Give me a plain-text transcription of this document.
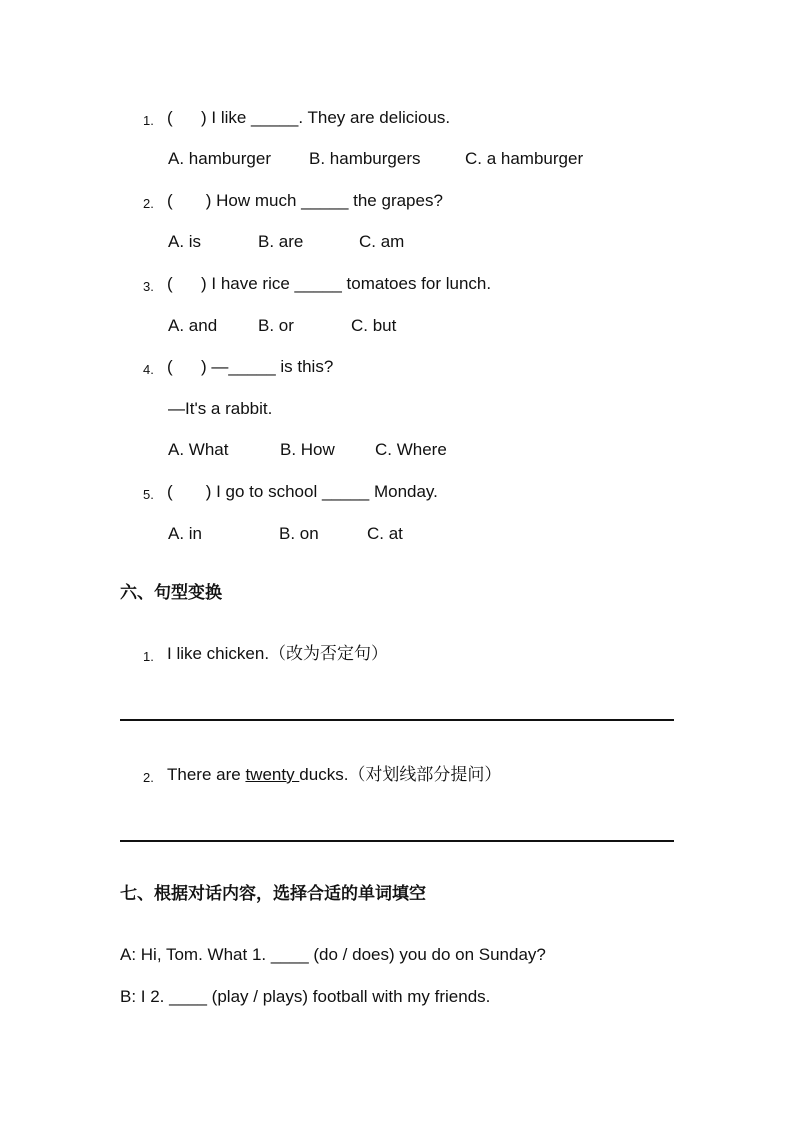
1. (      ) I like _____. They are delicious.
A. hamburger B. hamburgers	C. a hamburger
2. (       ) How much _____ the grapes?
A. is	B. are	C. am
3. (      ) I have rice _____ tomatoes for lunch.
A. and B. or	C. but
4. (      ) —_____ is this?
—It's a rabbit.
A. What	B. How C. Where
5. (       ) I go to school _____ Monday.
A. in	B. on	C. at
六、句型变换
1. I like chicken.（改为否定句）
2. There are twenty ducks.（对划线部分提问）
七、根据对话内容，选择合适的单词填空
A: Hi, Tom. What 1. ____ (do / does) you do on Sunday?
B: I 2. ____ (play / plays) football with my friends.
